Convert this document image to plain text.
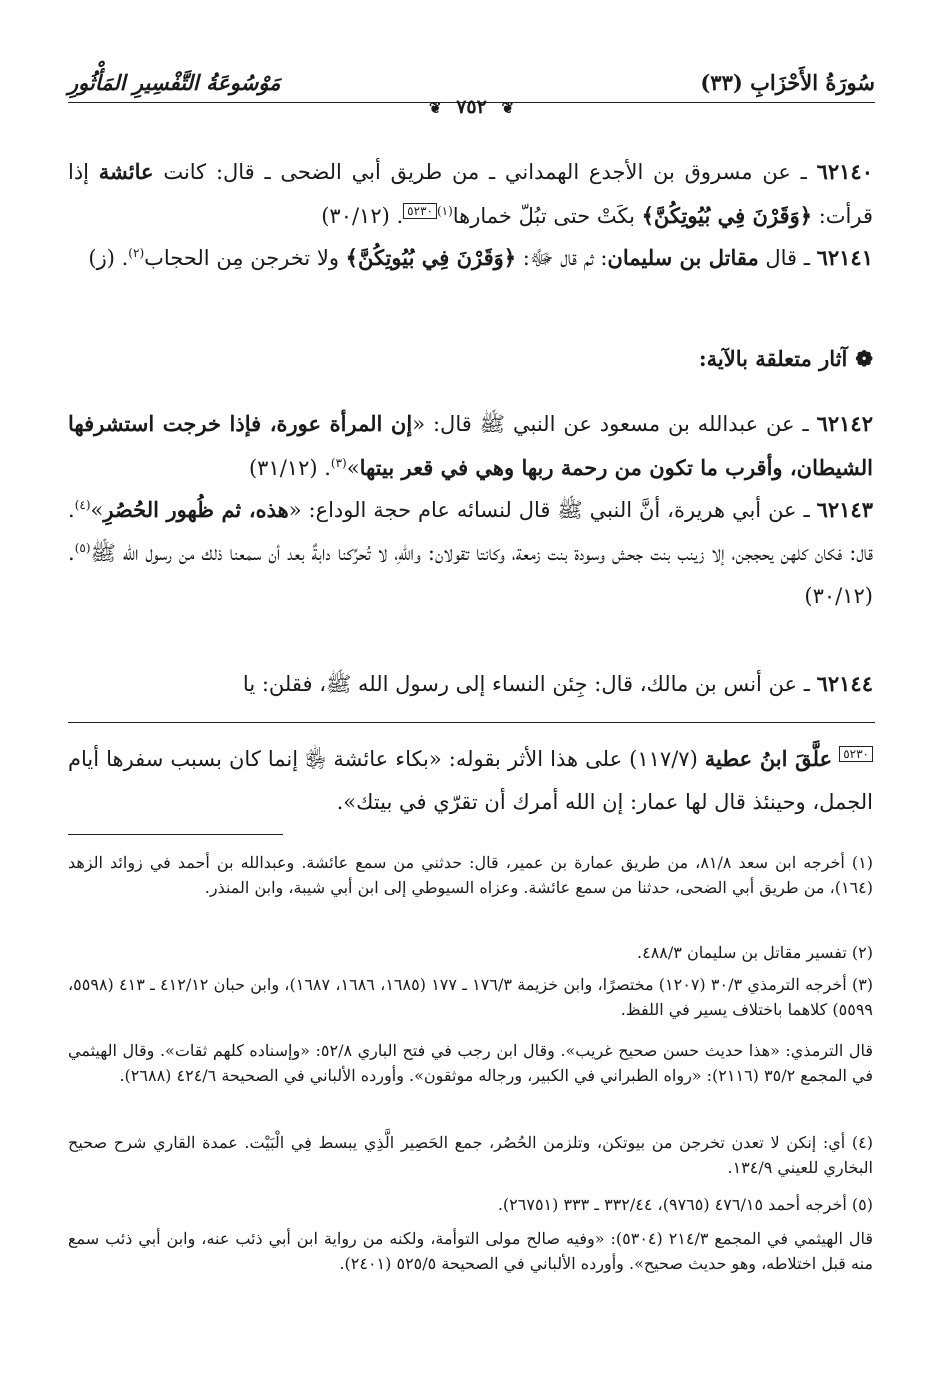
سُورَةُ الأَحْزَابِ (٣٣)
مَوْسُوعَةُ التَّفْسِيرِ المَأْثُورِ
❦ ٧٥٢ ❦
٦٢١٤٠ ـ عن مسروق بن الأجدع الهمداني ـ من طريق أبي الضحى ـ قال: كانت عائشة إذا قرأت: ﴿وَقَرْنَ فِي بُيُوتِكُنَّ﴾ بكَتْ حتى تبُلّ خمارها$^{(١)}$٥٢٣٠. (٣٠/١٢)
٦٢١٤١ ـ قال مقاتل بن سليمان: ثم قال ﷻ: ﴿وَقَرْنَ فِي بُيُوتِكُنَّ﴾ ولا تخرجن مِن الحجاب$^{(٢)}$. (ز)
❁آثار متعلقة بالآية:
٦٢١٤٢ ـ عن عبدالله بن مسعود عن النبي ﷺ قال: «إن المرأة عورة، فإذا خرجت استشرفها الشيطان، وأقرب ما تكون من رحمة ربها وهي في قعر بيتها»$^{(٣)}$. (٣١/١٢)
٦٢١٤٣ ـ عن أبي هريرة، أنَّ النبي ﷺ قال لنسائه عام حجة الوداع: «هذه، ثم ظُهور الحُصُرِ»$^{(٤)}$. قال: فكان كلهن يحججن، إلا زينب بنت جحش وسودة بنت زمعة، وكانتا تقولان: واللهِ، لا تُحرِّكنا دابةٌ بعد أن سمعنا ذلك من رسول الله ﷺ$^{(٥)}$. (٣٠/١٢)
٦٢١٤٤ ـ عن أنس بن مالك، قال: جِئن النساء إلى رسول الله ﷺ، فقلن: يا
٥٢٣٠ علَّقَ ابنُ عطية (١١٧/٧) على هذا الأثر بقوله: «بكاء عائشة ﵂ إنما كان بسبب سفرها أيام الجمل، وحينئذ قال لها عمار: إن الله أمرك أن تقرّي في بيتك».
(١) أخرجه ابن سعد ٨١/٨، من طريق عمارة بن عمير، قال: حدثني من سمع عائشة. وعبدالله بن أحمد في زوائد الزهد (١٦٤)، من طريق أبي الضحى، حدثنا من سمع عائشة. وعزاه السيوطي إلى ابن أبي شيبة، وابن المنذر.
(٢) تفسير مقاتل بن سليمان ٤٨٨/٣.
(٣) أخرجه الترمذي ٣٠/٣ (١٢٠٧) مختصرًا، وابن خزيمة ١٧٦/٣ ـ ١٧٧ (١٦٨٥، ١٦٨٦، ١٦٨٧)، وابن حبان ٤١٢/١٢ ـ ٤١٣ (٥٥٩٨، ٥٥٩٩) كلاهما باختلاف يسير في اللفظ.
قال الترمذي: «هذا حديث حسن صحيح غريب». وقال ابن رجب في فتح الباري ٥٢/٨: «وإسناده كلهم ثقات». وقال الهيثمي في المجمع ٣٥/٢ (٢١١٦): «رواه الطبراني في الكبير، ورجاله موثقون». وأورده الألباني في الصحيحة ٤٢٤/٦ (٢٦٨٨).
(٤) أي: إنكن لا تعدن تخرجن من بيوتكن، وتلزمن الحُصُر، جمع الحَصِير الَّذِي يبسط فِي الْبَيْت. عمدة القاري شرح صحيح البخاري للعيني ١٣٤/٩.
(٥) أخرجه أحمد ٤٧٦/١٥ (٩٧٦٥)، ٣٣٢/٤٤ ـ ٣٣٣ (٢٦٧٥١).
قال الهيثمي في المجمع ٢١٤/٣ (٥٣٠٤): «وفيه صالح مولى التوأمة، ولكنه من رواية ابن أبي ذئب عنه، وابن أبي ذئب سمع منه قبل اختلاطه، وهو حديث صحيح». وأورده الألباني في الصحيحة ٥٢٥/٥ (٢٤٠١).
